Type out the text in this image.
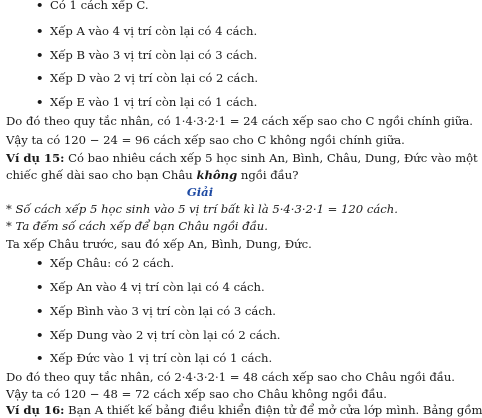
• Có 1 cách xếp C.
• Xếp A vào 4 vị trí còn lại có 4 cách.
• Xếp B vào 3 vị trí còn lại có 3 cách.
• Xếp D vào 2 vị trí còn lại có 2 cách.
• Xếp E vào 1 vị trí còn lại có 1 cách.
Do đó theo quy tắc nhân, có 1·4·3·2·1 = 24 cách xếp sao cho C ngồi chính giữa.
Vậy ta có 120 − 24 = 96 cách xếp sao cho C không ngồi chính giữa.
Ví dụ 15: Có bao nhiêu cách xếp 5 học sinh An, Bình, Châu, Dung, Đức vào một
chiếc ghế dài sao cho bạn Châu không ngồi đầu?
Giải
* Số cách xếp 5 học sinh vào 5 vị trí bất kì là 5·4·3·2·1 = 120 cách.
* Ta đếm số cách xếp để bạn Châu ngồi đầu.
Ta xếp Châu trước, sau đó xếp An, Bình, Dung, Đức.
• Xếp Châu: có 2 cách.
• Xếp An vào 4 vị trí còn lại có 4 cách.
• Xếp Bình vào 3 vị trí còn lại có 3 cách.
• Xếp Dung vào 2 vị trí còn lại có 2 cách.
• Xếp Đức vào 1 vị trí còn lại có 1 cách.
Do đó theo quy tắc nhân, có 2·4·3·2·1 = 48 cách xếp sao cho Châu ngồi đầu.
Vậy ta có 120 − 48 = 72 cách xếp sao cho Châu không ngồi đầu.
Ví dụ 16: Bạn A thiết kế bảng điều khiển điện tử để mở cửa lớp mình. Bảng gồm
